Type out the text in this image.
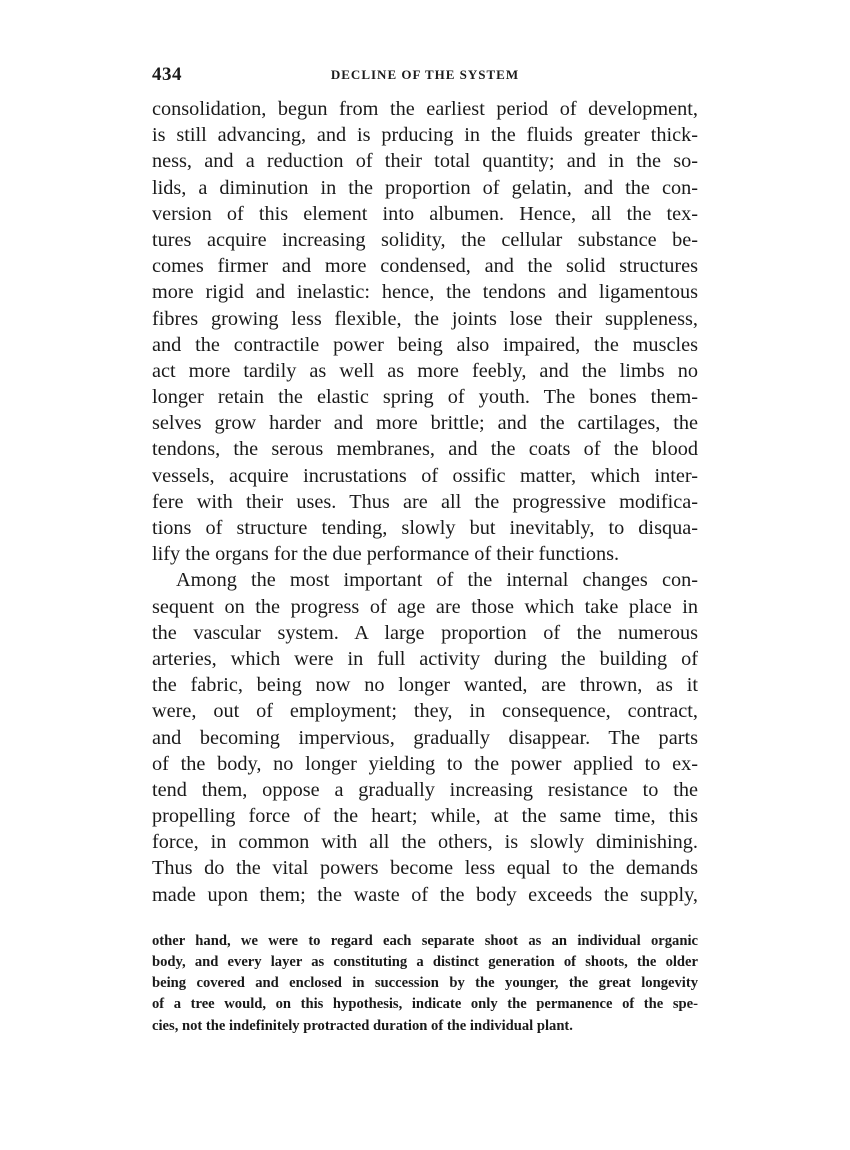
434	DECLINE OF THE SYSTEM
consolidation, begun from the earliest period of development,
is still advancing, and is prducing in the fluids greater thick-
ness, and a reduction of their total quantity; and in the so-
lids, a diminution in the proportion of gelatin, and the con-
version of this element into albumen. Hence, all the tex-
tures acquire increasing solidity, the cellular substance be-
comes firmer and more condensed, and the solid structures
more rigid and inelastic: hence, the tendons and ligamentous
fibres growing less flexible, the joints lose their suppleness,
and the contractile power being also impaired, the muscles
act more tardily as well as more feebly, and the limbs no
longer retain the elastic spring of youth. The bones them-
selves grow harder and more brittle; and the cartilages, the
tendons, the serous membranes, and the coats of the blood
vessels, acquire incrustations of ossific matter, which inter-
fere with their uses. Thus are all the progressive modifica-
tions of structure tending, slowly but inevitably, to disqua-
lify the organs for the due performance of their functions.
Among the most important of the internal changes con-
sequent on the progress of age are those which take place in
the vascular system. A large proportion of the numerous
arteries, which were in full activity during the building of
the fabric, being now no longer wanted, are thrown, as it
were, out of employment; they, in consequence, contract,
and becoming impervious, gradually disappear. The parts
of the body, no longer yielding to the power applied to ex-
tend them, oppose a gradually increasing resistance to the
propelling force of the heart; while, at the same time, this
force, in common with all the others, is slowly diminishing.
Thus do the vital powers become less equal to the demands
made upon them; the waste of the body exceeds the supply,
other hand, we were to regard each separate shoot as an individual organic
body, and every layer as constituting a distinct generation of shoots, the older
being covered and enclosed in succession by the younger, the great longevity
of a tree would, on this hypothesis, indicate only the permanence of the spe-
cies, not the indefinitely protracted duration of the individual plant.
